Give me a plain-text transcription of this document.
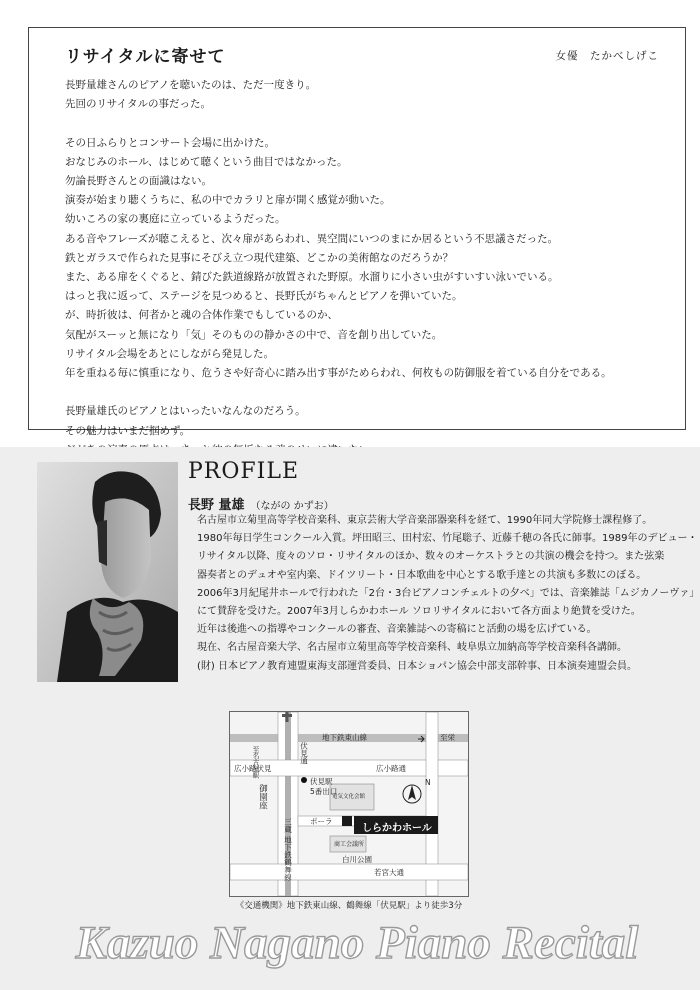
リサイタルに寄せて	女優　たかべしげこ
長野量雄さんのピアノを聴いたのは、ただ一度きり。
先回のリサイタルの事だった。
その日ふらりとコンサート会場に出かけた。
おなじみのホール、はじめて聴くという曲目ではなかった。
勿論長野さんとの面識はない。
演奏が始まり聴くうちに、私の中でカラリと扉が開く感覚が動いた。
幼いころの家の裏庭に立っているようだった。
ある音やフレーズが聴こえると、次々扉があらわれ、異空間にいつのまにか居るという不思議さだった。
鉄とガラスで作られた見事にそびえ立つ現代建築、どこかの美術館なのだろうか？
また、ある扉をくぐると、錆びた鉄道線路が放置された野原。水溜りに小さい虫がすいすい泳いでいる。
はっと我に返って、ステージを見つめると、長野氏がちゃんとピアノを弾いていた。
が、時折彼は、何者かと魂の合体作業でもしているのか、
気配がスーッと無になり「気」そのものの静かさの中で、音を創り出していた。
リサイタル会場をあとにしながら発見した。
年を重ねる毎に慎重になり、危うさや好奇心に踏み出す事がためらわれ、何枚もの防御服を着ている自分をである。
長野量雄氏のピアノとはいったいなんなのだろう。
その魅力はいまだ掴めず。
PROFILE
長野 量雄 （ながの かずお）
名古屋市立菊里高等学校音楽科、東京芸術大学音楽部器楽科を経て、1990年同大学院修士課程修了。
1980年毎日学生コンクール入賞。坪田昭三、田村宏、竹尾聡子、近藤千穂の各氏に師事。1989年のデビュー・
リサイタル以降、度々のソロ・リサイタルのほか、数々のオーケストラとの共演の機会を持つ。また弦楽
器奏者とのデュオや室内楽、ドイツリート・日本歌曲を中心とする歌手達との共演も多数にのぼる。
2006年3月紀尾井ホールで行われた「2台・3台ピアノコンチェルトの夕べ」では、音楽雑誌「ムジカノーヴァ」
にて賛辞を受けた。2007年3月しらかわホール ソロリサイタルにおいて各方面より絶賛を受けた。
近年は後進への指導やコンクールの審査、音楽雑誌への寄稿にと活動の場を広げている。
現在、名古屋音楽大学、名古屋市立菊里高等学校音楽科、岐阜県立加納高等学校音楽科各講師。
(財) 日本ピアノ教育連盟東海支部運営委員、日本ショパン協会中部支部幹事、日本演奏連盟会員。
地下鉄東山線	至栄
至名古屋駅	伏見通
広小路伏見
伏見駅
5番出口
広小路通
N
御園座	電気文化会館
ポーラ
三蔵	しらかわホール
地下鉄鶴舞線	商工会議所
白川公園
若宮大通
《交通機関》地下鉄東山線、鶴舞線「伏見駅」より徒歩3分
Kazuo Nagano Piano Recital
